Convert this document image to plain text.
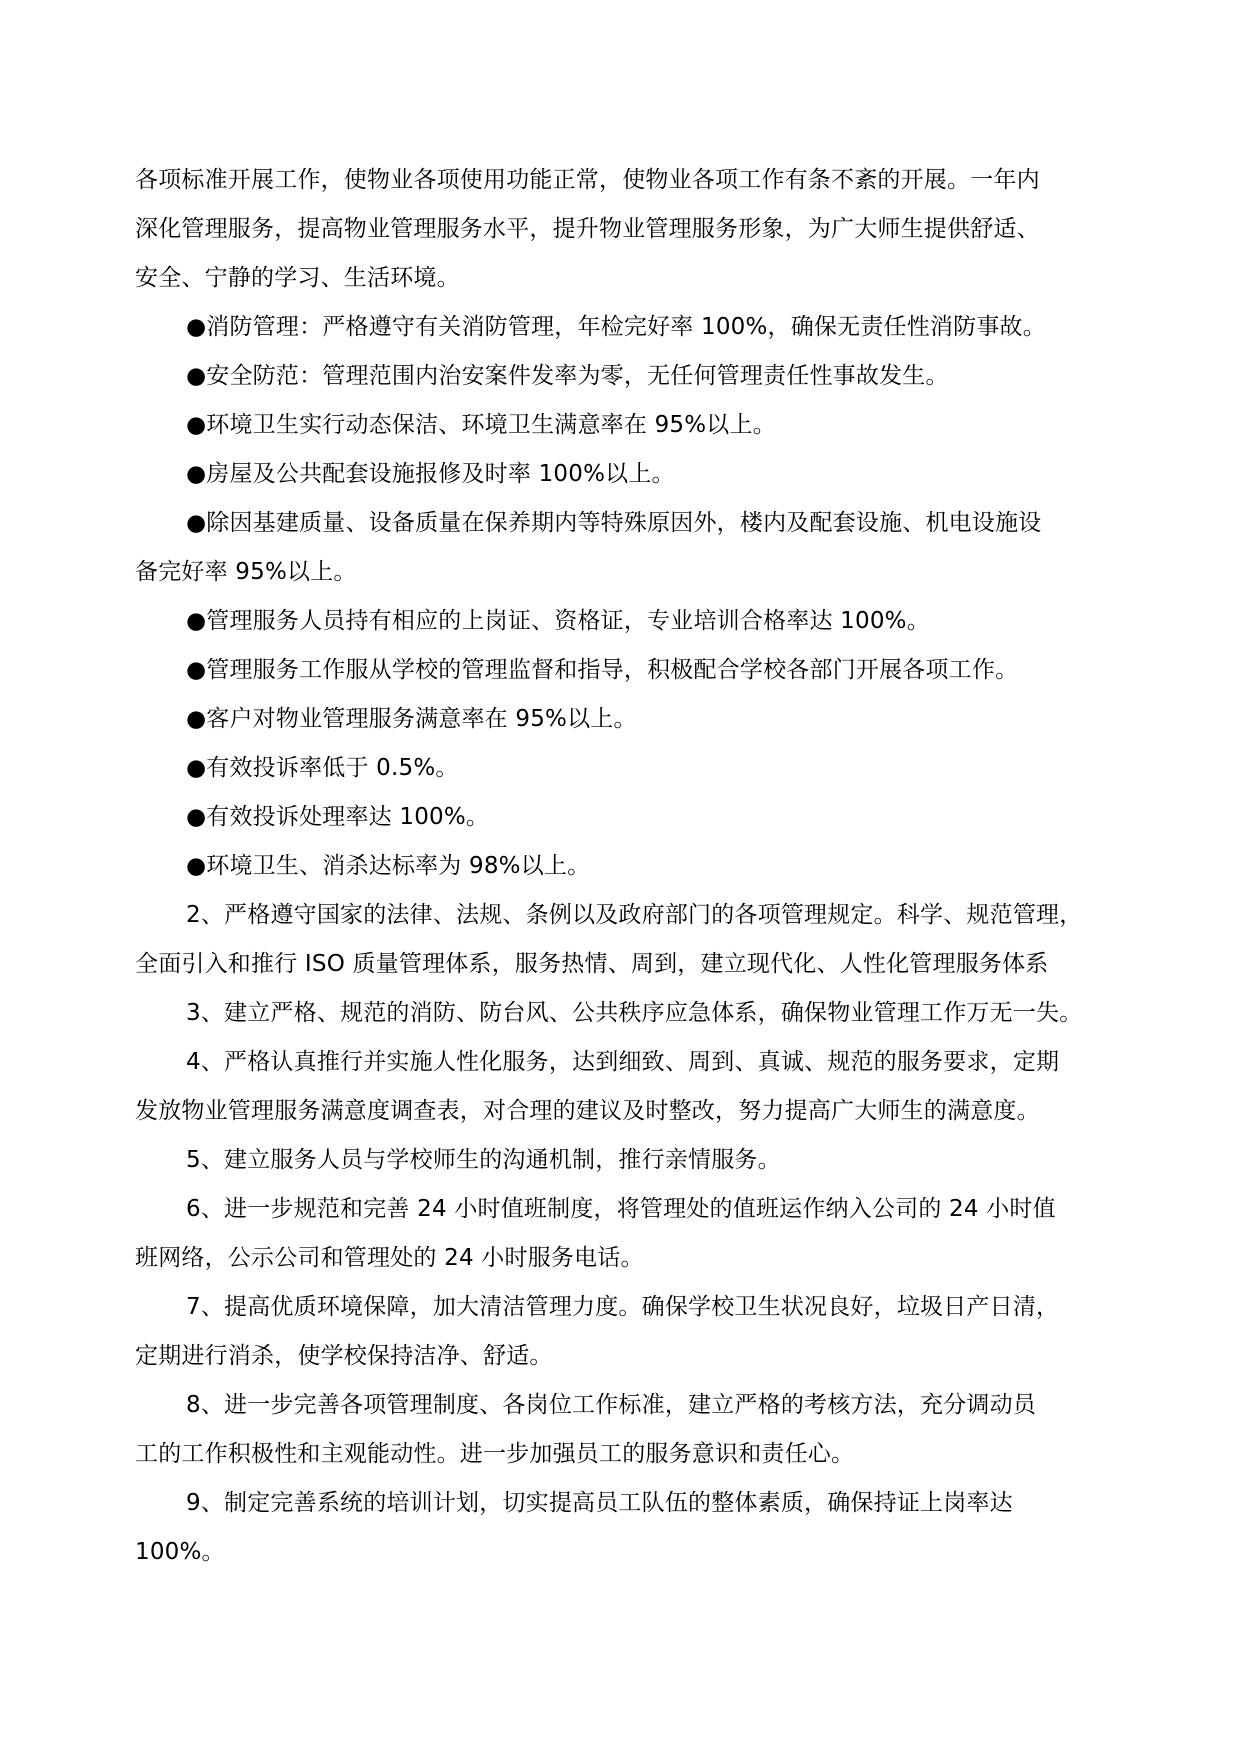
各项标准开展工作，使物业各项使用功能正常，使物业各项工作有条不紊的开展。一年内
深化管理服务，提高物业管理服务水平，提升物业管理服务形象，为广大师生提供舒适、
安全、宁静的学习、生活环境。
●消防管理：严格遵守有关消防管理，年检完好率 100%，确保无责任性消防事故。
●安全防范：管理范围内治安案件发率为零，无任何管理责任性事故发生。
●环境卫生实行动态保洁、环境卫生满意率在 95%以上。
●房屋及公共配套设施报修及时率 100%以上。
●除因基建质量、设备质量在保养期内等特殊原因外，楼内及配套设施、机电设施设
备完好率 95%以上。
●管理服务人员持有相应的上岗证、资格证，专业培训合格率达 100%。
●管理服务工作服从学校的管理监督和指导，积极配合学校各部门开展各项工作。
●客户对物业管理服务满意率在 95%以上。
●有效投诉率低于 0.5%。
●有效投诉处理率达 100%。
●环境卫生、消杀达标率为 98%以上。
2、严格遵守国家的法律、法规、条例以及政府部门的各项管理规定。科学、规范管理，
全面引入和推行 ISO 质量管理体系，服务热情、周到，建立现代化、人性化管理服务体系
3、建立严格、规范的消防、防台风、公共秩序应急体系，确保物业管理工作万无一失。
4、严格认真推行并实施人性化服务，达到细致、周到、真诚、规范的服务要求，定期
发放物业管理服务满意度调查表，对合理的建议及时整改，努力提高广大师生的满意度。
5、建立服务人员与学校师生的沟通机制，推行亲情服务。
6、进一步规范和完善 24 小时值班制度，将管理处的值班运作纳入公司的 24 小时值
班网络，公示公司和管理处的 24 小时服务电话。
7、提高优质环境保障，加大清洁管理力度。确保学校卫生状况良好，垃圾日产日清，
定期进行消杀，使学校保持洁净、舒适。
8、进一步完善各项管理制度、各岗位工作标准，建立严格的考核方法，充分调动员
工的工作积极性和主观能动性。进一步加强员工的服务意识和责任心。
9、制定完善系统的培训计划，切实提高员工队伍的整体素质，确保持证上岗率达
100%。
